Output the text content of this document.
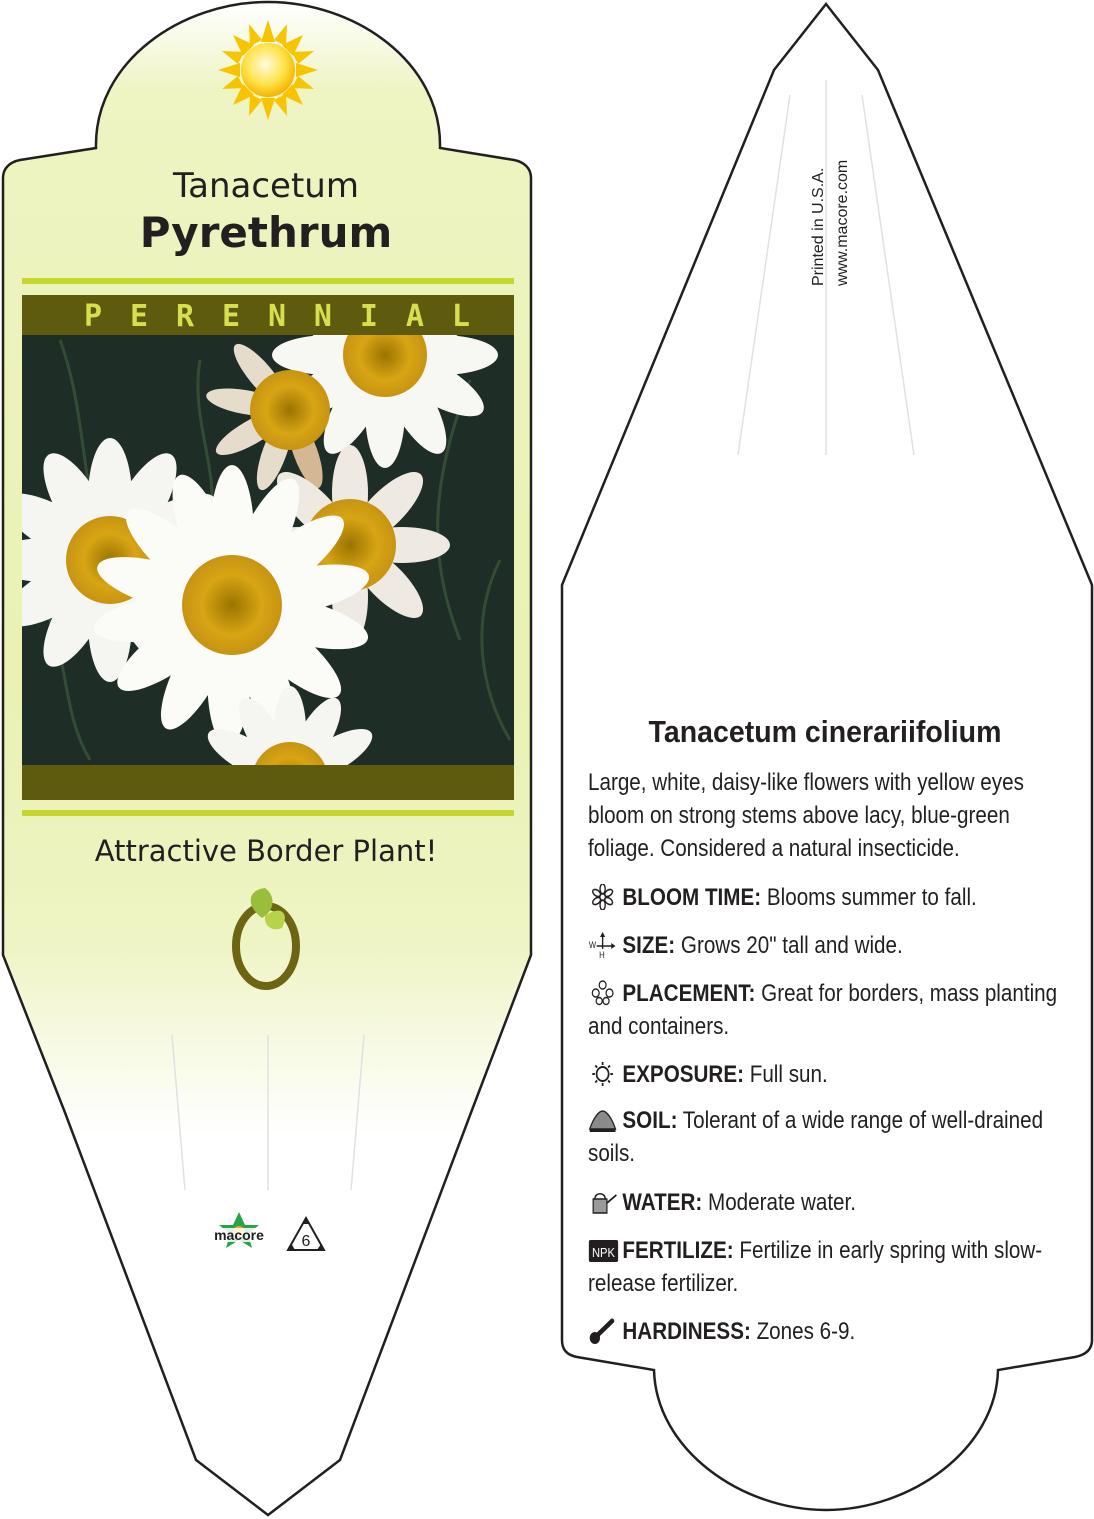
Tanacetum
Pyrethrum
P E R E N N I A L
Attractive Border Plant!
macore 6
Printed in U.S.A. www.macore.com
Tanacetum cinerariifolium
Large, white, daisy-like flowers with yellow eyes bloom on strong stems above lacy, blue-green foliage. Considered a natural insecticide.
BLOOM TIME: Blooms summer to fall.
W
H SIZE: Grows 20" tall and wide.
PLACEMENT: Great for borders, mass planting and containers.
EXPOSURE: Full sun.
SOIL: Tolerant of a wide range of well-drained soils.
WATER: Moderate water.
NPK FERTILIZE: Fertilize in early spring with slow-release fertilizer.
HARDINESS: Zones 6-9.
